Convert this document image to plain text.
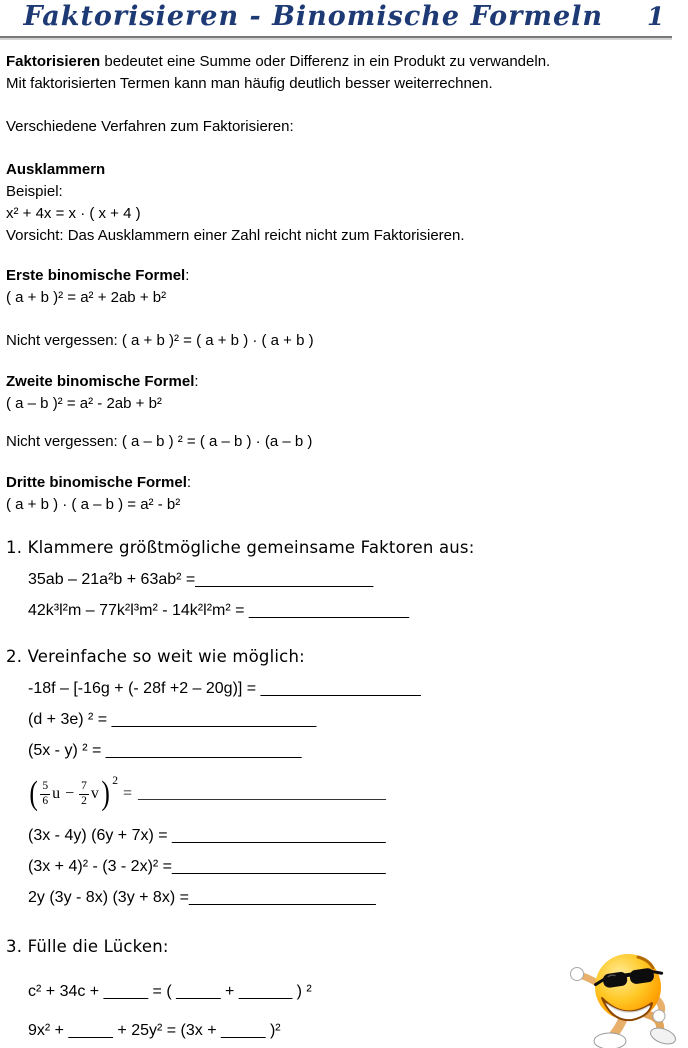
Faktorisieren - Binomische Formeln 1

Faktorisieren bedeutet eine Summe oder Differenz in ein Produkt zu verwandeln.
Mit faktorisierten Termen kann man häufig deutlich besser weiterrechnen.

Verschiedene Verfahren zum Faktorisieren:
Ausklammern
Beispiel:
x² + 4x = x · ( x + 4 )
Vorsicht: Das Ausklammern einer Zahl reicht nicht zum Faktorisieren.
Erste binomische Formel:
( a + b )² = a² + 2ab + b²
Nicht vergessen: ( a + b )² = ( a + b ) · ( a + b )
Zweite binomische Formel:
( a – b )² = a² - 2ab + b²
Nicht vergessen: ( a – b ) ² = ( a – b ) · (a – b )
Dritte binomische Formel:
( a + b ) · ( a – b ) = a² - b²
1. Klammere größtmögliche gemeinsame Faktoren aus:
35ab – 21a²b + 63ab² =____________________
42k³l²m – 77k²l³m² - 14k²l²m² = __________________
2. Vereinfache so weit wie möglich:
-18f – [-16g + (- 28f +2 – 20g)] = __________________
(d + 3e) ² = _______________________
(5x - y) ² = ______________________
( $\frac{5}{6}$ $u - \frac{7}{2}$ v ) 2
= _______________________________
(3x - 4y) (6y + 7x) = ________________________
(3x + 4)² - (3 - 2x)² =________________________
2y (3y - 8x) (3y + 8x) =_____________________
3. Fülle die Lücken:
c² + 34c + _____ = ( _____ + ______ ) ²
9x² + _____ + 25y² = (3x + _____ )²
